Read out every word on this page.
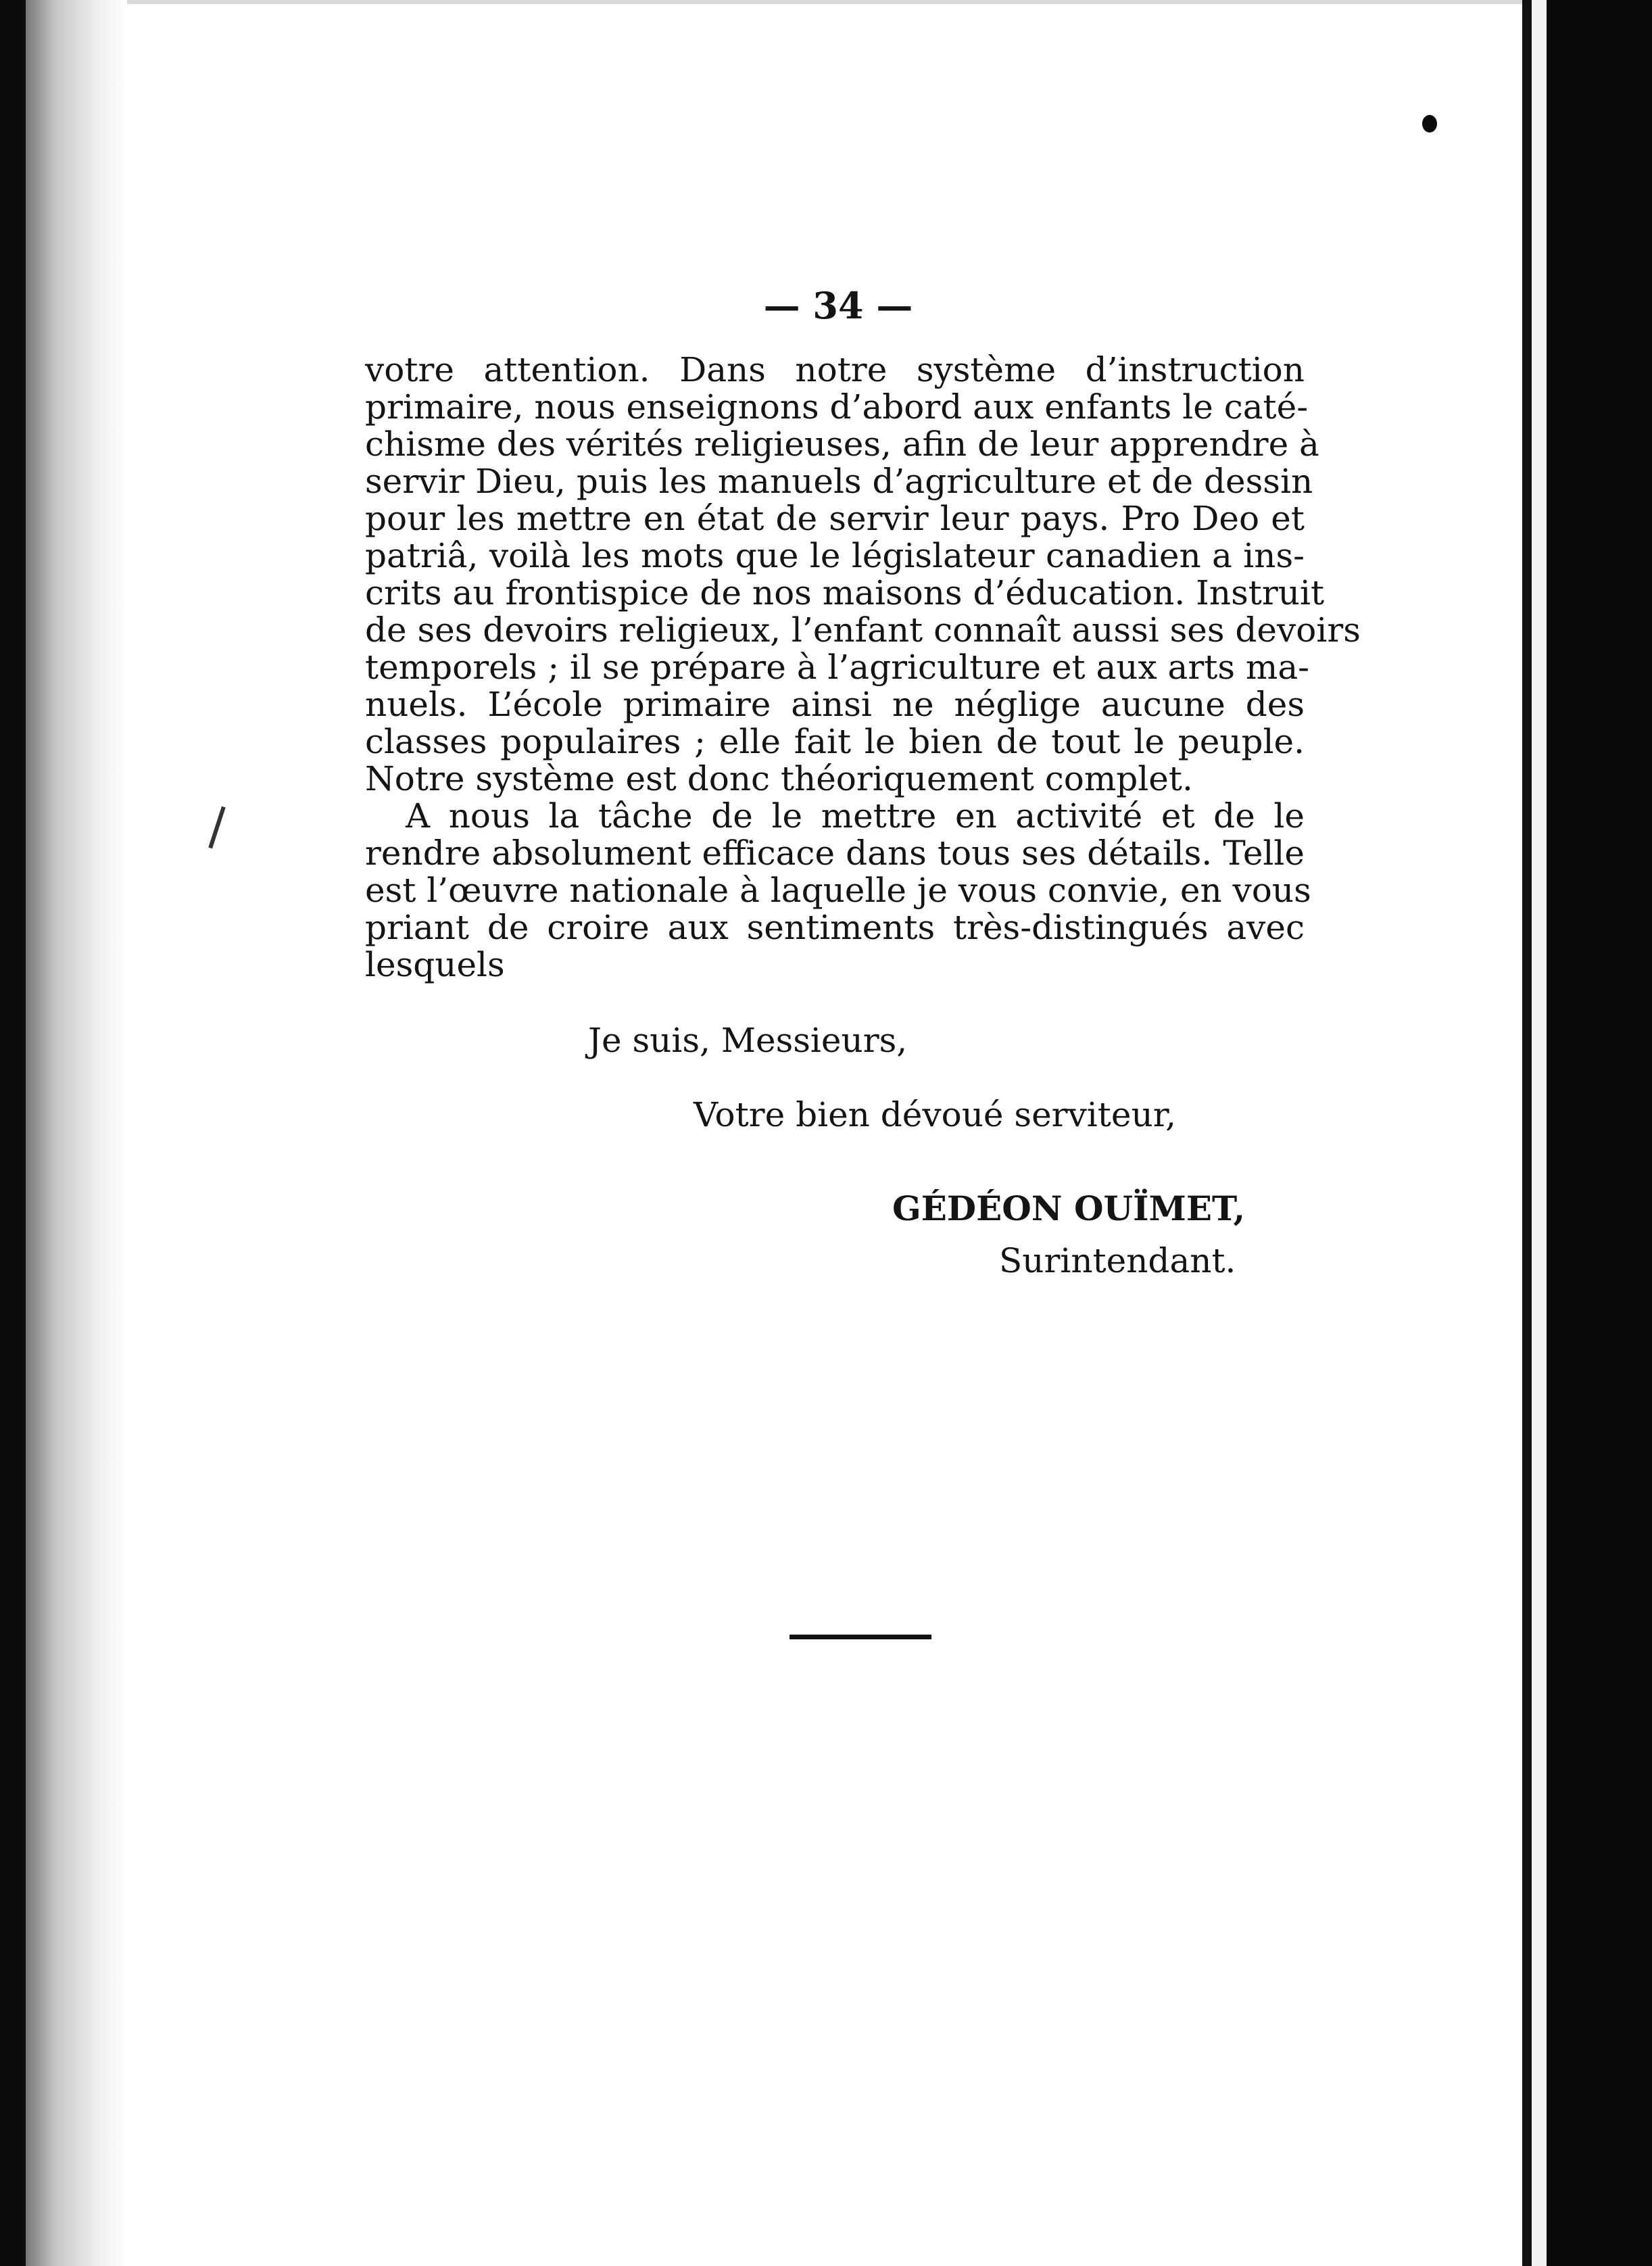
— 34 —
votre attention. Dans notre système d’instruction
primaire, nous enseignons d’abord aux enfants le caté-
chisme des vérités religieuses, afin de leur apprendre à
servir Dieu, puis les manuels d’agriculture et de dessin
pour les mettre en état de servir leur pays. Pro Deo et
patriâ, voilà les mots que le législateur canadien a ins-
crits au frontispice de nos maisons d’éducation. Instruit
de ses devoirs religieux, l’enfant connaît aussi ses devoirs
temporels ; il se prépare à l’agriculture et aux arts ma-
nuels. L’école primaire ainsi ne néglige aucune des
classes populaires ; elle fait le bien de tout le peuple.
Notre système est donc théoriquement complet.
A nous la tâche de le mettre en activité et de le
rendre absolument efficace dans tous ses détails. Telle
est l’œuvre nationale à laquelle je vous convie, en vous
priant de croire aux sentiments très-distingués avec
lesquels
Je suis, Messieurs,
Votre bien dévoué serviteur,
GÉDÉON OUÏMET,
Surintendant.
